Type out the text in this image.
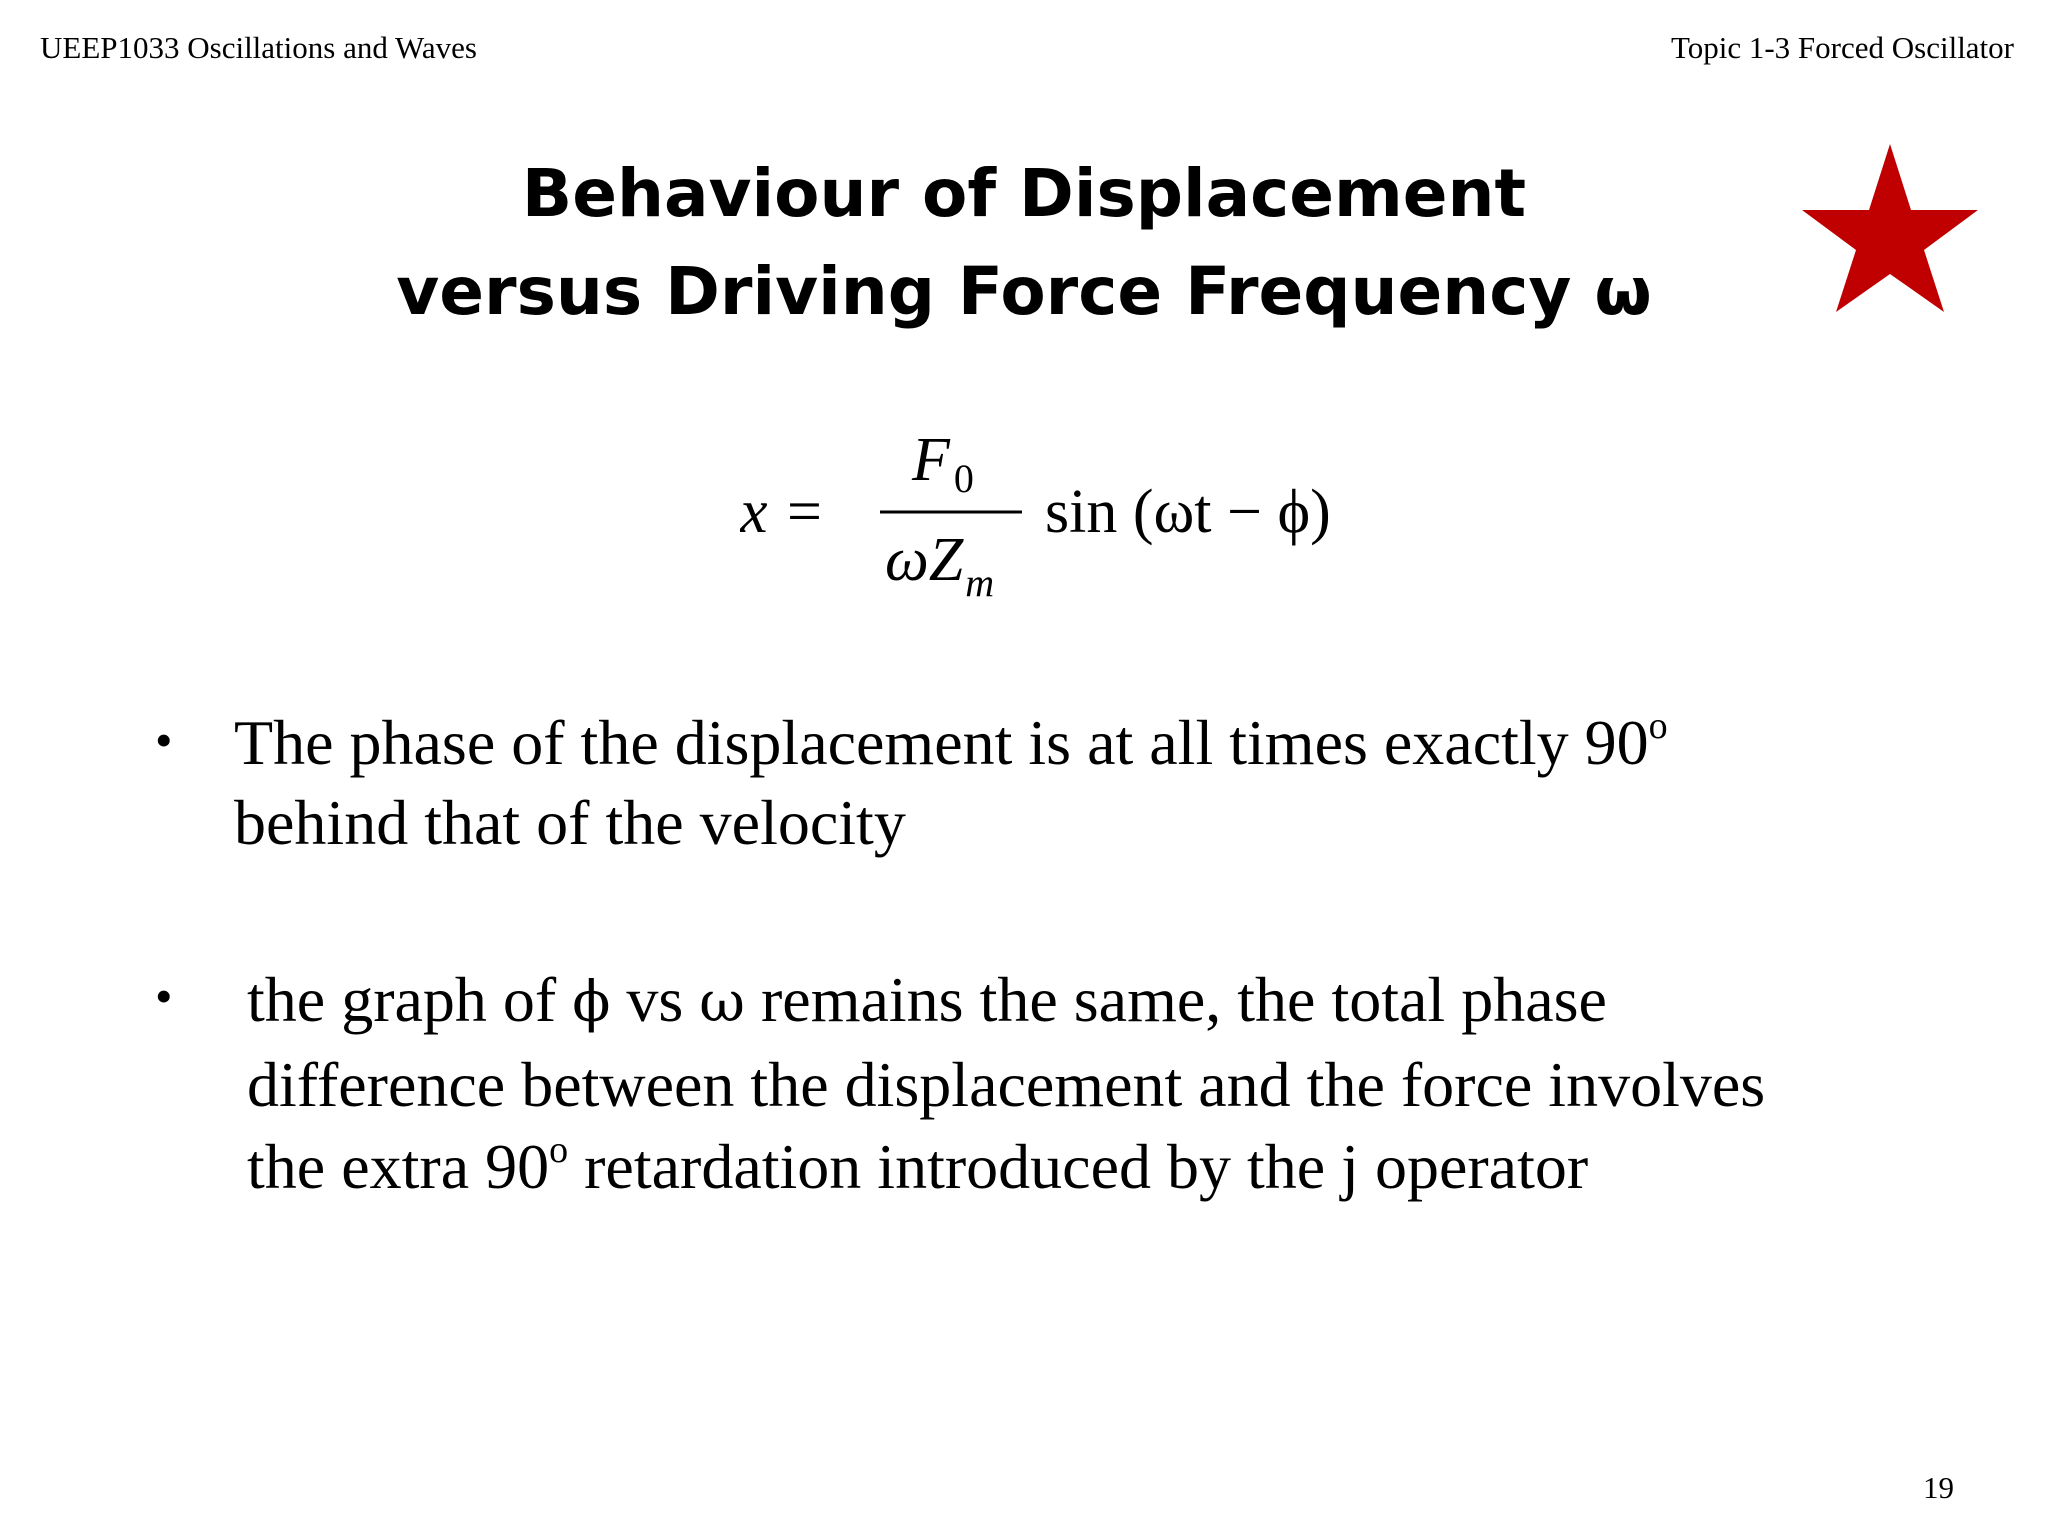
UEEP1033 Oscillations and Waves	Topic 1-3 Forced Oscillator
Behaviour of Displacement
versus Driving Force Frequency ω
x =
F 0
$\omega Z_m$
sin (ωt − ϕ)
• The phase of the displacement is at all times exactly 90$^o$
behind that of the velocity
• the graph of ϕ vs ω remains the same, the total phase
difference between the displacement and the force involves
the extra 90$^o$ retardation introduced by the j operator
19
